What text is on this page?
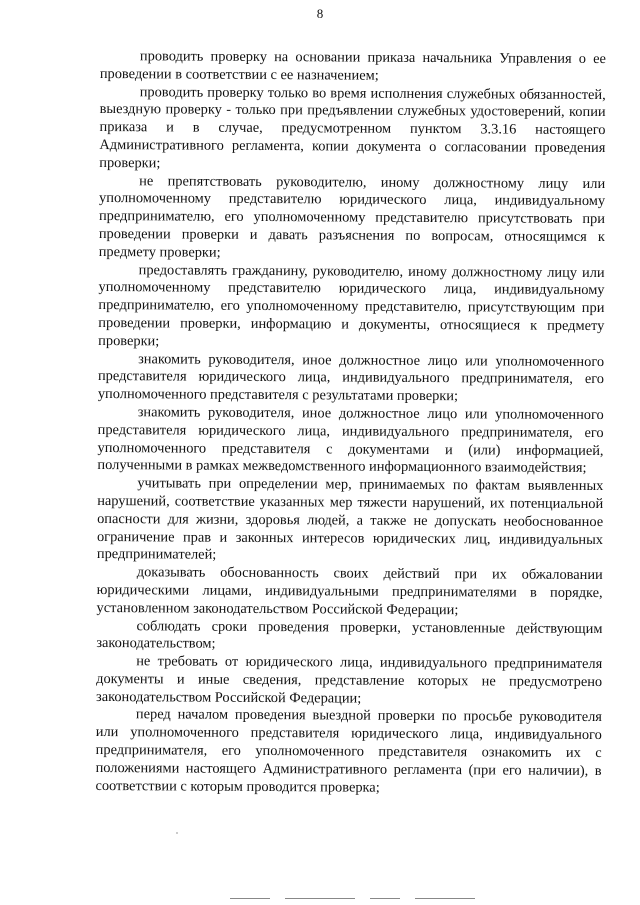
8

проводить проверку на основании приказа начальника Управления о ее проведении в соответствии с ее назначением;

проводить проверку только во время исполнения служебных обязанностей, выездную проверку - только при предъявлении служебных удостоверений, копии приказа и в случае, предусмотренном пунктом 3.3.16 настоящего Административного регламента, копии документа о согласовании проведения проверки;

не препятствовать руководителю, иному должностному лицу или уполномоченному представителю юридического лица, индивидуальному предпринимателю, его уполномоченному представителю присутствовать при проведении проверки и давать разъяснения по вопросам, относящимся к предмету проверки;

предоставлять гражданину, руководителю, иному должностному лицу или уполномоченному представителю юридического лица, индивидуальному предпринимателю, его уполномоченному представителю, присутствующим при проведении проверки, информацию и документы, относящиеся к предмету проверки;

знакомить руководителя, иное должностное лицо или уполномоченного представителя юридического лица, индивидуального предпринимателя, его уполномоченного представителя с результатами проверки;

знакомить руководителя, иное должностное лицо или уполномоченного представителя юридического лица, индивидуального предпринимателя, его уполномоченного представителя с документами и (или) информацией, полученными в рамках межведомственного информационного взаимодействия;

учитывать при определении мер, принимаемых по фактам выявленных нарушений, соответствие указанных мер тяжести нарушений, их потенциальной опасности для жизни, здоровья людей, а также не допускать необоснованное ограничение прав и законных интересов юридических лиц, индивидуальных предпринимателей;

доказывать обоснованность своих действий при их обжаловании юридическими лицами, индивидуальными предпринимателями в порядке, установленном законодательством Российской Федерации;

соблюдать сроки проведения проверки, установленные действующим законодательством;

не требовать от юридического лица, индивидуального предпринимателя документы и иные сведения, представление которых не предусмотрено законодательством Российской Федерации;

перед началом проведения выездной проверки по просьбе руководителя или уполномоченного представителя юридического лица, индивидуального предпринимателя, его уполномоченного представителя ознакомить их с положениями настоящего Административного регламента (при его наличии), в соответствии с которым проводится проверка;
